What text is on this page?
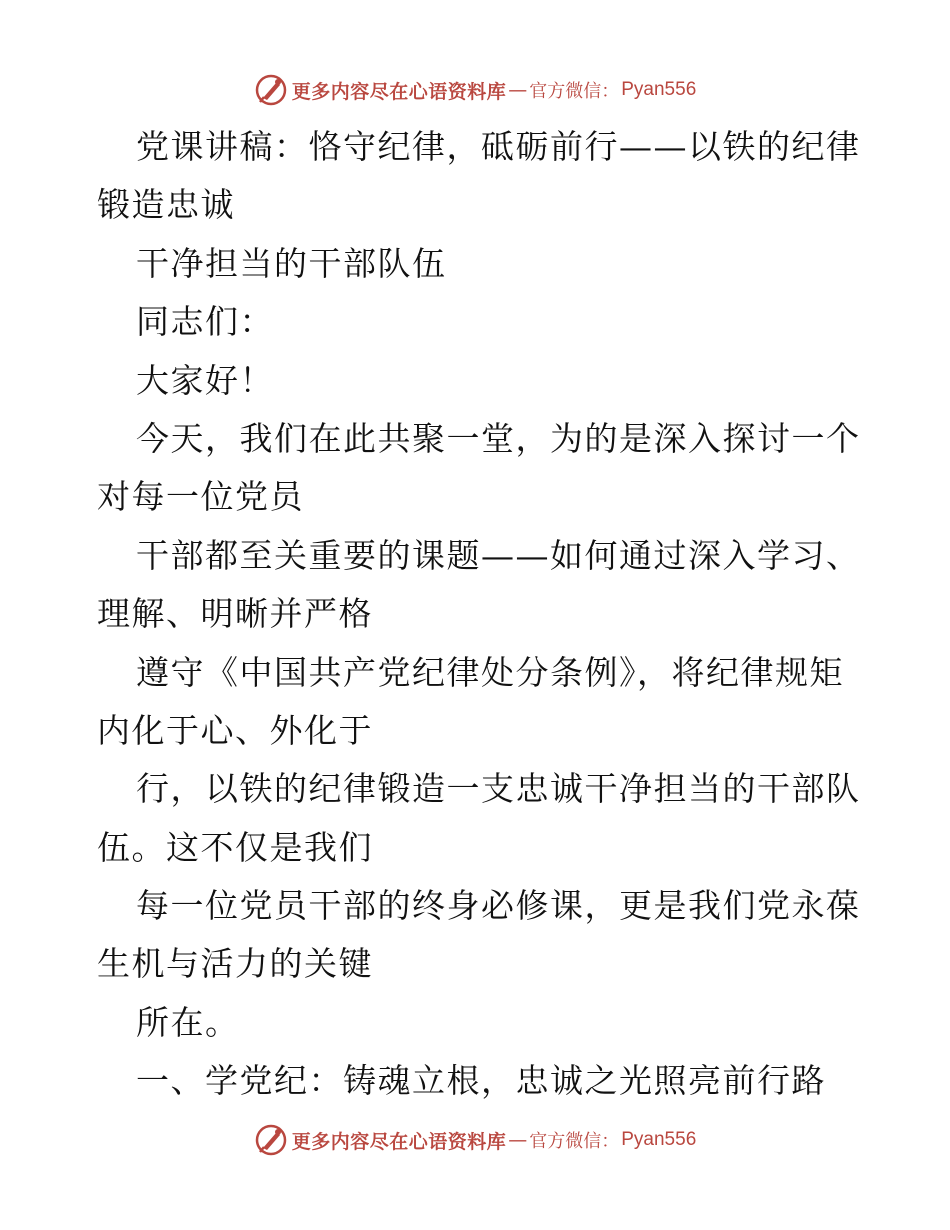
更多内容尽在心语资料库 — 官方微信： Pyan556
党课讲稿：恪守纪律，砥砺前行——以铁的纪律
锻造忠诚
干净担当的干部队伍
同志们：
大家好！
今天，我们在此共聚一堂，为的是深入探讨一个
对每一位党员
干部都至关重要的课题——如何通过深入学习、
理解、明晰并严格
遵守《中国共产党纪律处分条例》，将纪律规矩
内化于心、外化于
行，以铁的纪律锻造一支忠诚干净担当的干部队
伍。这不仅是我们
每一位党员干部的终身必修课，更是我们党永葆
生机与活力的关键
所在。
一、学党纪：铸魂立根，忠诚之光照亮前行路
更多内容尽在心语资料库 — 官方微信： Pyan556
